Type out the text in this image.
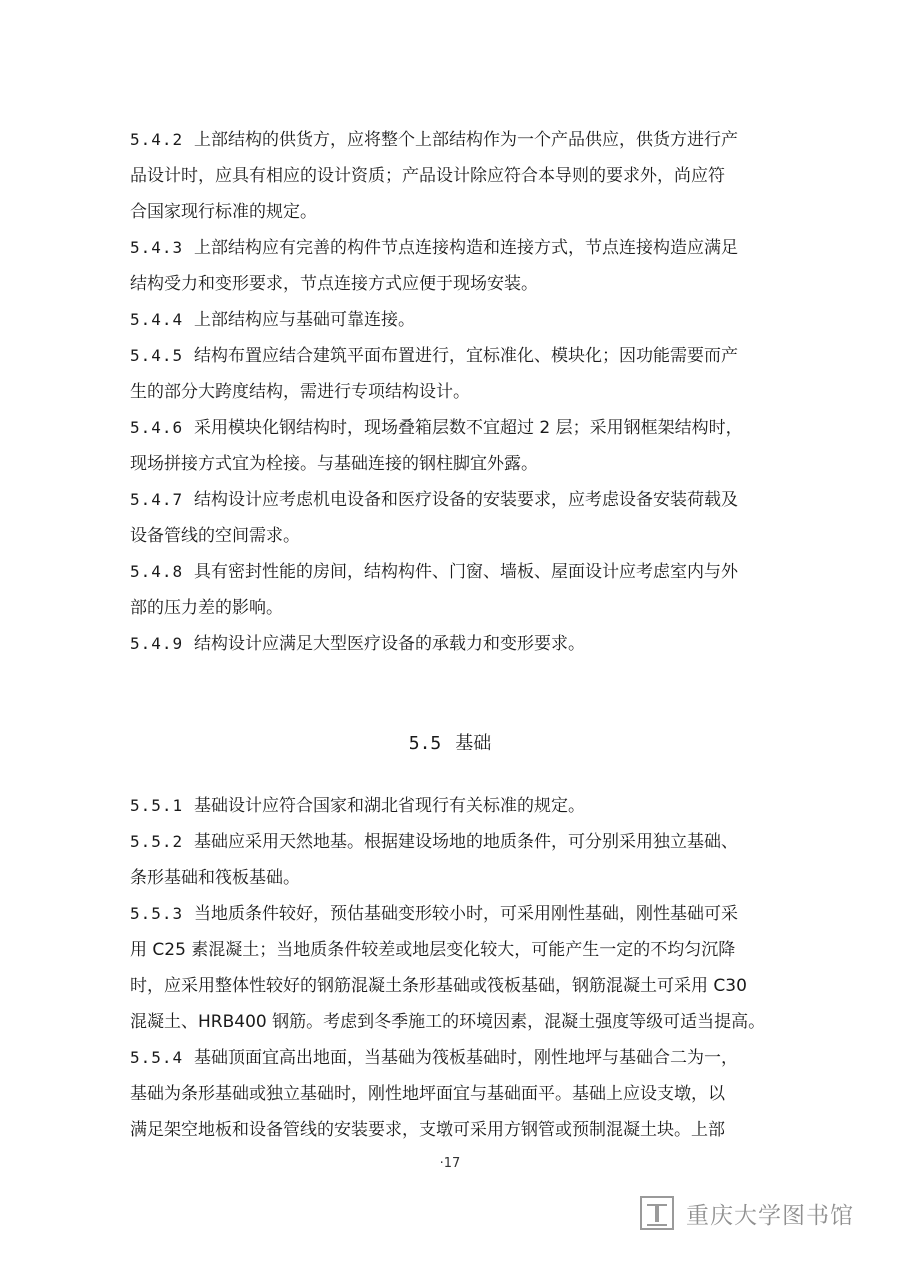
5.4.2 上部结构的供货方，应将整个上部结构作为一个产品供应，供货方进行产
品设计时，应具有相应的设计资质；产品设计除应符合本导则的要求外，尚应符
合国家现行标准的规定。
5.4.3 上部结构应有完善的构件节点连接构造和连接方式，节点连接构造应满足
结构受力和变形要求，节点连接方式应便于现场安装。
5.4.4 上部结构应与基础可靠连接。
5.4.5 结构布置应结合建筑平面布置进行，宜标准化、模块化；因功能需要而产
生的部分大跨度结构，需进行专项结构设计。
5.4.6 采用模块化钢结构时，现场叠箱层数不宜超过 2 层；采用钢框架结构时，
现场拼接方式宜为栓接。与基础连接的钢柱脚宜外露。
5.4.7 结构设计应考虑机电设备和医疗设备的安装要求，应考虑设备安装荷载及
设备管线的空间需求。
5.4.8 具有密封性能的房间，结构构件、门窗、墙板、屋面设计应考虑室内与外
部的压力差的影响。
5.4.9 结构设计应满足大型医疗设备的承载力和变形要求。
5.5 基础
5.5.1 基础设计应符合国家和湖北省现行有关标准的规定。
5.5.2 基础应采用天然地基。根据建设场地的地质条件，可分别采用独立基础、
条形基础和筏板基础。
5.5.3 当地质条件较好，预估基础变形较小时，可采用刚性基础，刚性基础可采
用 C25 素混凝土；当地质条件较差或地层变化较大，可能产生一定的不均匀沉降
时，应采用整体性较好的钢筋混凝土条形基础或筏板基础，钢筋混凝土可采用 C30
混凝土、HRB400 钢筋。考虑到冬季施工的环境因素，混凝土强度等级可适当提高。
5.5.4 基础顶面宜高出地面，当基础为筏板基础时，刚性地坪与基础合二为一，
基础为条形基础或独立基础时，刚性地坪面宜与基础面平。基础上应设支墩，以
满足架空地板和设备管线的安装要求，支墩可采用方钢管或预制混凝土块。上部
·17
重庆大学图书馆
